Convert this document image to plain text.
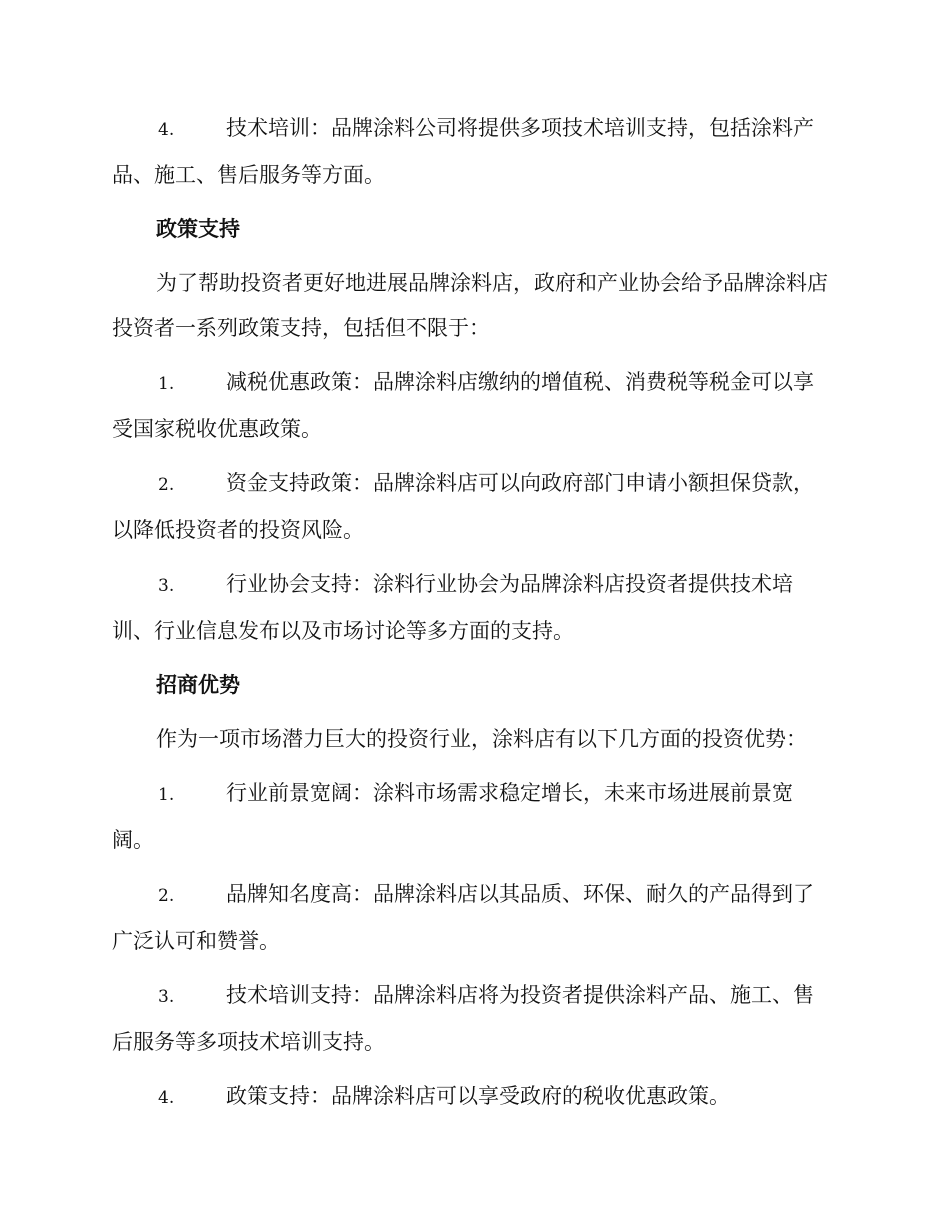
4. 技术培训：品牌涂料公司将提供多项技术培训支持，包括涂料产品、施工、售后服务等方面。

政策支持

为了帮助投资者更好地进展品牌涂料店，政府和产业协会给予品牌涂料店投资者一系列政策支持，包括但不限于：

1. 减税优惠政策：品牌涂料店缴纳的增值税、消费税等税金可以享受国家税收优惠政策。

2. 资金支持政策：品牌涂料店可以向政府部门申请小额担保贷款，以降低投资者的投资风险。

3. 行业协会支持：涂料行业协会为品牌涂料店投资者提供技术培训、行业信息发布以及市场讨论等多方面的支持。

招商优势

作为一项市场潜力巨大的投资行业，涂料店有以下几方面的投资优势：

1. 行业前景宽阔：涂料市场需求稳定增长，未来市场进展前景宽阔。

2. 品牌知名度高：品牌涂料店以其品质、环保、耐久的产品得到了广泛认可和赞誉。

3. 技术培训支持：品牌涂料店将为投资者提供涂料产品、施工、售后服务等多项技术培训支持。

4. 政策支持：品牌涂料店可以享受政府的税收优惠政策。
